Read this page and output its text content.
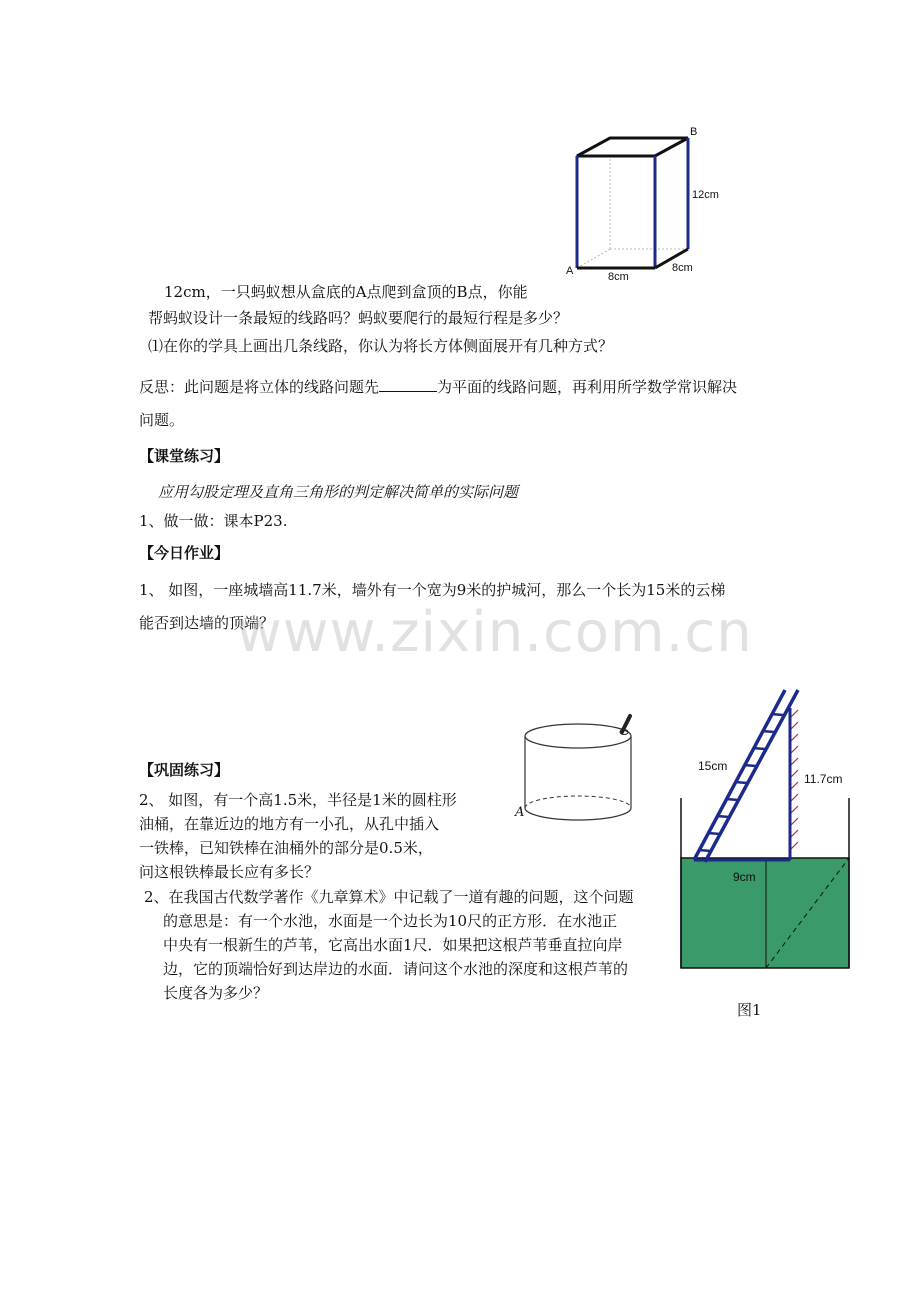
B
12cm
A	8cm
8cm
12cm，一只蚂蚁想从盒底的A点爬到盒顶的B点，你能
帮蚂蚁设计一条最短的线路吗？蚂蚁要爬行的最短行程是多少？
⑴在你的学具上画出几条线路，你认为将长方体侧面展开有几种方式？
反思：此问题是将立体的线路问题先	为平面的线路问题，再利用所学数学常识解决
问题。
【课堂练习】
应用勾股定理及直角三角形的判定解决简单的实际问题
1、做一做：课本P23.
【今日作业】
1、 如图，一座城墙高11.7米，墙外有一个宽为9米的护城河，那么一个长为15米的云梯
能否到达墙的顶端？
www.zixin.com.cn
A
【巩固练习】
2、 如图，有一个高1.5米，半径是1米的圆柱形
油桶，在靠近边的地方有一小孔，从孔中插入
一铁棒，已知铁棒在油桶外的部分是0.5米，
问这根铁棒最长应有多长？
2、在我国古代数学著作《九章算术》中记载了一道有趣的问题，这个问题
的意思是：有一个水池，水面是一个边长为10尺的正方形．在水池正
中央有一根新生的芦苇，它高出水面1尺．如果把这根芦苇垂直拉向岸
边，它的顶端恰好到达岸边的水面．请问这个水池的深度和这根芦苇的
长度各为多少？
15cm
11.7cm
9cm
图1
